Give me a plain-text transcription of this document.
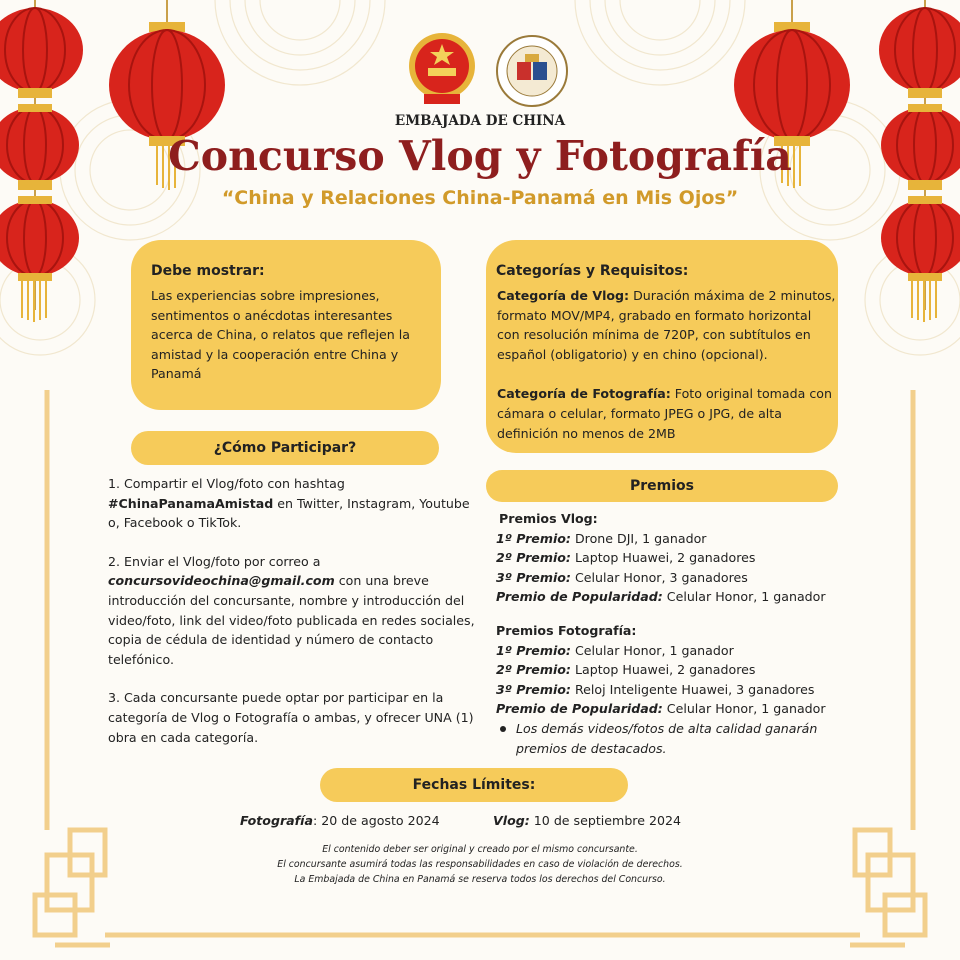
EMBAJADA DE CHINA
Concurso Vlog y Fotografía
“China y Relaciones China-Panamá en Mis Ojos”
Debe mostrar:
Las experiencias sobre impresiones,
sentimentos o anécdotas interesantes
acerca de China, o relatos que reflejen la
amistad y la cooperación entre China y
Panamá
Categorías y Requisitos:
Categoría de Vlog: Duración máxima de 2 minutos,
formato MOV/MP4, grabado en formato horizontal
con resolución mínima de 720P, con subtítulos en
español (obligatorio) y en chino (opcional).
Categoría de Fotografía: Foto original tomada con
cámara o celular, formato JPEG o JPG, de alta
definición no menos de 2MB
¿Cómo Participar?
1. Compartir el Vlog/foto con hashtag
#ChinaPanamaAmistad en Twitter, Instagram, Youtube
o, Facebook o TikTok.
2. Enviar el Vlog/foto por correo a
concursovideochina@gmail.com con una breve
introducción del concursante, nombre y introducción del
video/foto, link del video/foto publicada en redes sociales,
copia de cédula de identidad y número de contacto
telefónico.
3. Cada concursante puede optar por participar en la
categoría de Vlog o Fotografía o ambas, y ofrecer UNA (1)
obra en cada categoría.
Premios
Premios Vlog:
1º Premio: Drone DJI, 1 ganador
2º Premio: Laptop Huawei, 2 ganadores
3º Premio: Celular Honor, 3 ganadores
Premio de Popularidad: Celular Honor, 1 ganador
Premios Fotografía:
1º Premio: Celular Honor, 1 ganador
2º Premio: Laptop Huawei, 2 ganadores
3º Premio: Reloj Inteligente Huawei, 3 ganadores
Premio de Popularidad: Celular Honor, 1 ganador
Los demás videos/fotos de alta calidad ganarán
premios de destacados.
Fechas Límites:
Fotografía: 20 de agosto 2024	Vlog: 10 de septiembre 2024
El contenido deber ser original y creado por el mismo concursante.
El concursante asumirá todas las responsabilidades en caso de violación de derechos.
La Embajada de China en Panamá se reserva todos los derechos del Concurso.
